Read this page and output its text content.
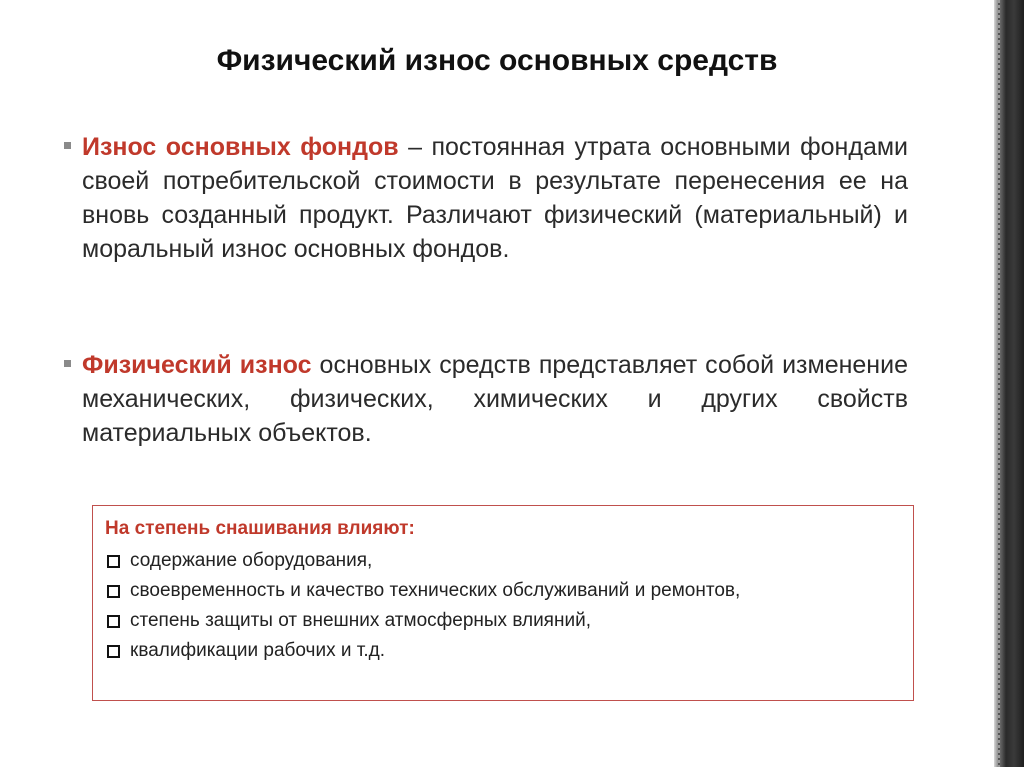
Физический износ основных средств
Износ основных фондов – постоянная утрата основными фондами своей потребительской стоимости в результате перенесения ее на вновь созданный продукт. Различают физический (материальный) и моральный износ основных фондов.
Физический износ основных средств представляет собой изменение механических, физических, химических и других свойств материальных объектов.
На степень снашивания влияют:
содержание оборудования,
своевременность и качество технических обслуживаний и ремонтов,
степень защиты от внешних атмосферных влияний,
квалификации рабочих и т.д.
